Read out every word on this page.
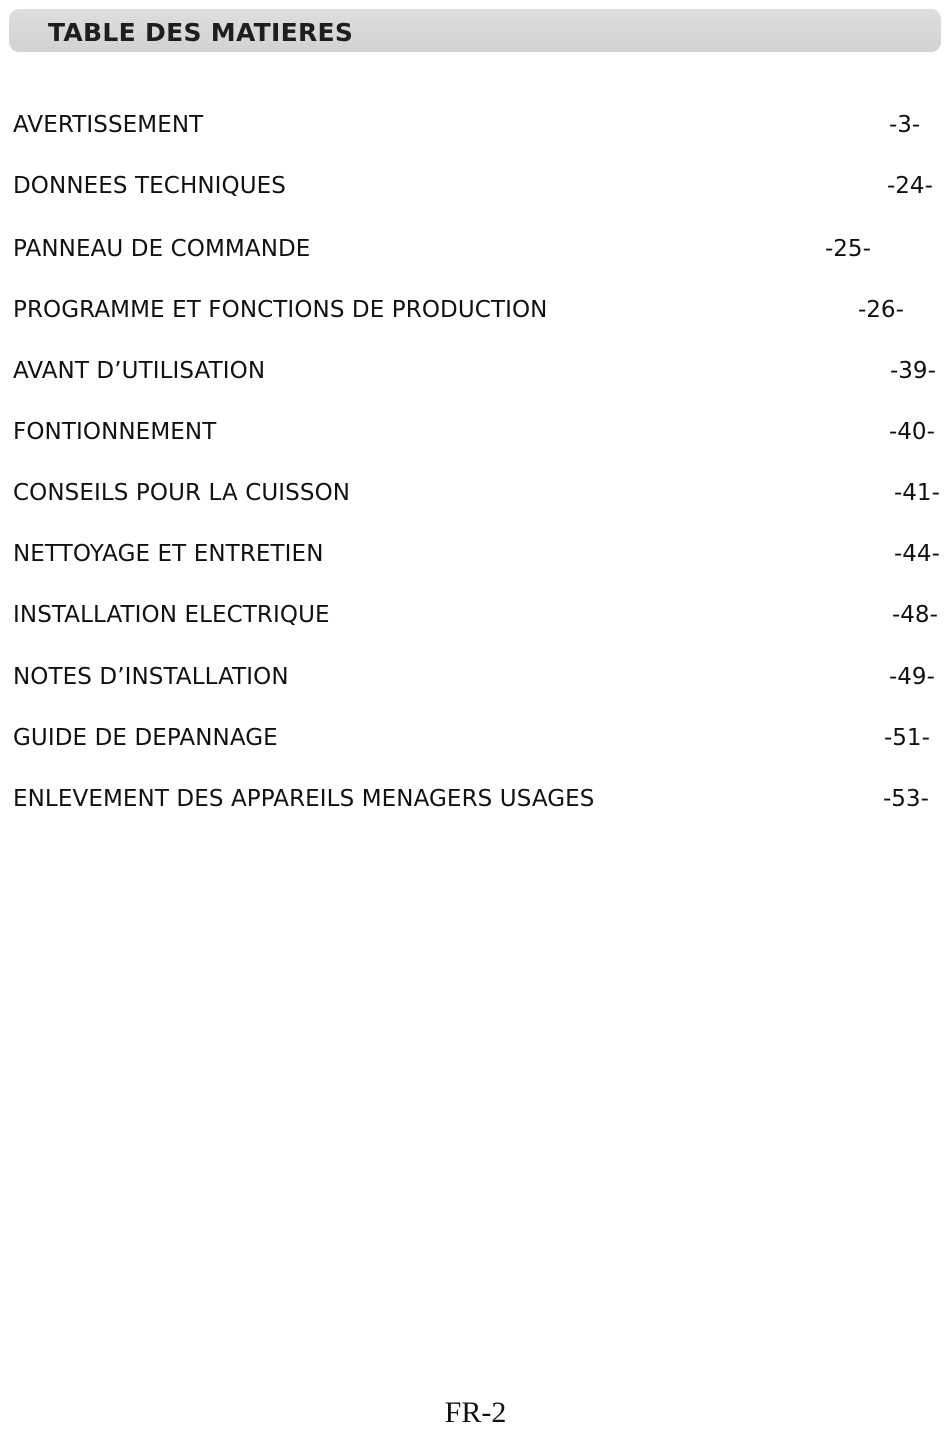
TABLE DES MATIERES
AVERTISSEMENT	-3-
DONNEES TECHNIQUES	-24-
PANNEAU DE COMMANDE	-25-
PROGRAMME ET FONCTIONS DE PRODUCTION	-26-
AVANT D’UTILISATION	-39-
FONTIONNEMENT	-40-
CONSEILS POUR LA CUISSON	-41-
NETTOYAGE ET ENTRETIEN	-44-
INSTALLATION ELECTRIQUE	-48-
NOTES D’INSTALLATION	-49-
GUIDE DE DEPANNAGE	-51-
ENLEVEMENT DES APPAREILS MENAGERS USAGES	-53-
FR-2
